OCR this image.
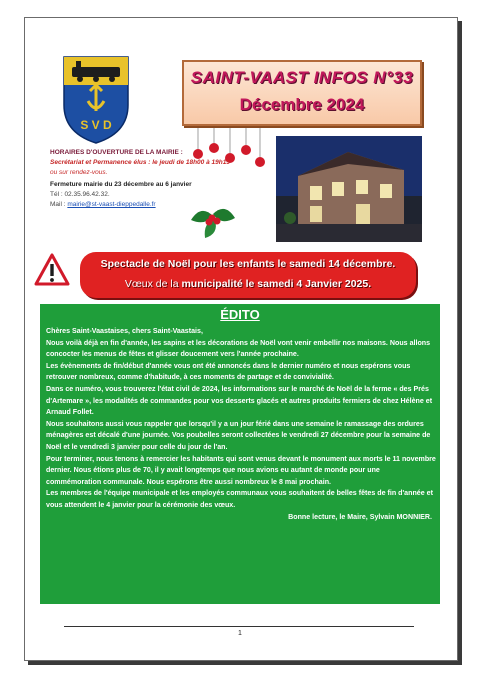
S V D
SAINT-VAAST INFOS N°33
Décembre 2024
HORAIRES D'OUVERTURE DE LA MAIRIE :
Secrétariat et Permanence élus : le jeudi de 18h00 à 19h15
ou sur rendez-vous.
Fermeture mairie du 23 décembre au 6 janvier
Tél : 02.35.96.42.32.
Mail : mairie@st-vaast-dieppedalle.fr
Spectacle de Noël pour les enfants le samedi 14 décembre.
Vœux de la municipalité le samedi 4 Janvier 2025.
ÉDITO

Chères Saint-Vaastaises, chers Saint-Vaastais,

Nous voilà déjà en fin d'année, les sapins et les décorations de Noël vont venir embellir nos maisons. Nous allons concocter les menus de fêtes et glisser doucement vers l'année prochaine.

Les évènements de fin/début d'année vous ont été annoncés dans le dernier numéro et nous espérons vous retrouver nombreux, comme d'habitude, à ces moments de partage et de convivialité.

Dans ce numéro, vous trouverez l'état civil de 2024, les informations sur le marché de Noël de la ferme « des Prés d'Artemare », les modalités de commandes pour vos desserts glacés et autres produits fermiers de chez Hélène et Arnaud Follet.

Nous souhaitons aussi vous rappeler que lorsqu'il y a un jour férié dans une semaine le ramassage des ordures ménagères est décalé d'une journée. Vos poubelles seront collectées le vendredi 27 décembre pour la semaine de Noël et le vendredi 3 janvier pour celle du jour de l'an.

Pour terminer, nous tenons à remercier les habitants qui sont venus devant le monument aux morts le 11 novembre dernier. Nous étions plus de 70, il y avait longtemps que nous avions eu autant de monde pour une commémoration communale. Nous espérons être aussi nombreux le 8 mai prochain.

Les membres de l'équipe municipale et les employés communaux vous souhaitent de belles fêtes de fin d'année et vous attendent le 4 janvier pour la cérémonie des vœux.

Bonne lecture, le Maire, Sylvain MONNIER.

1
